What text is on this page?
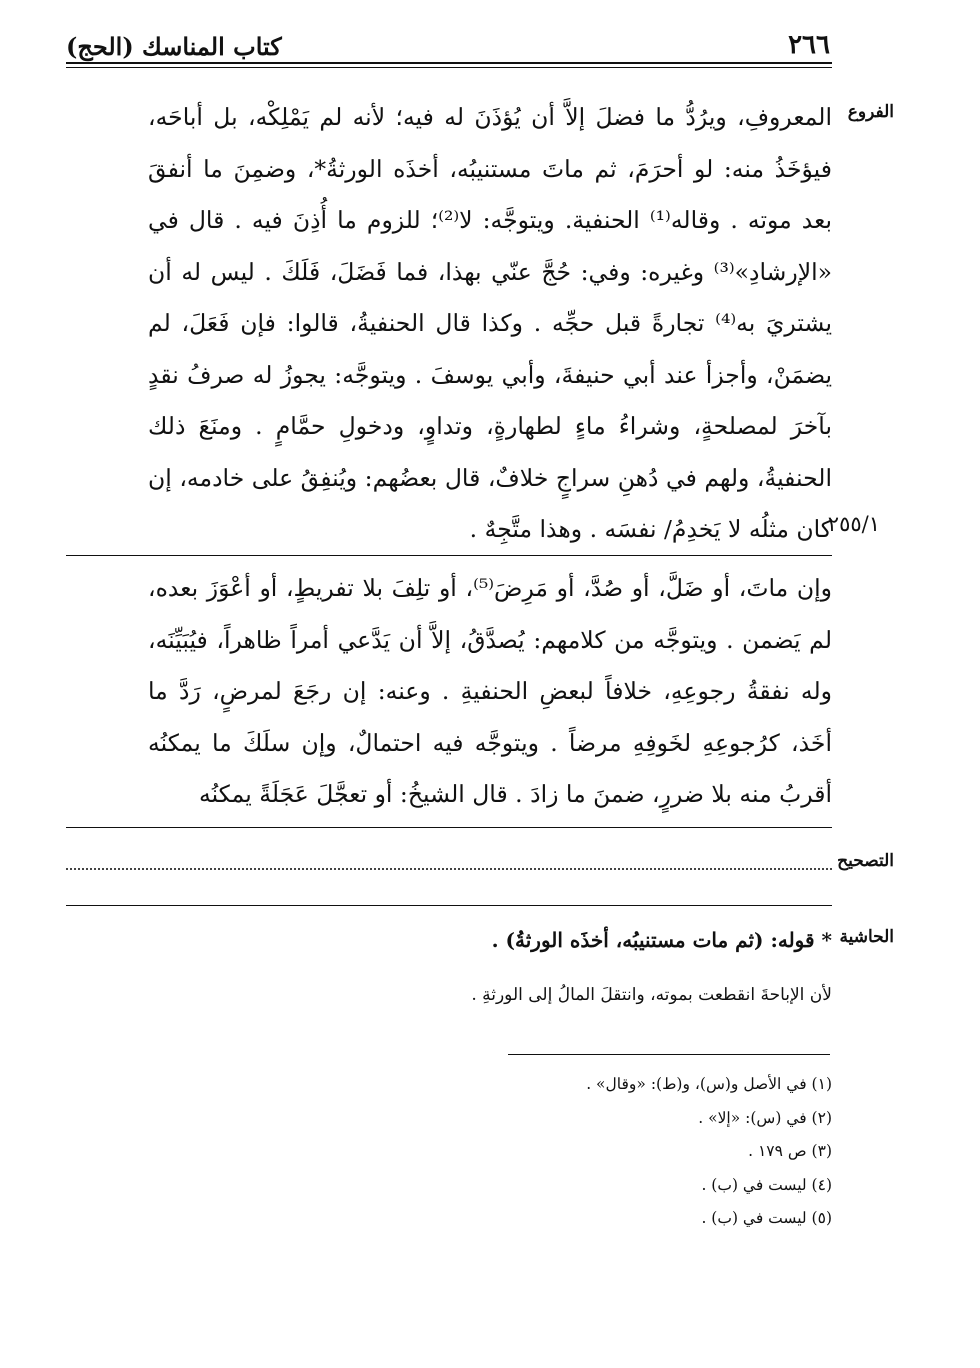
٢٦٦
كتاب المناسك (الحج)
الفروع
٢٥٥/١
المعروفِ، ويرُدُّ ما فضلَ إلاَّ أن يُؤذَنَ له فيه؛ لأنه لم يَمْلِكْه، بل أباحَه، فيؤخَذُ منه: لو أحرَمَ، ثم ماتَ مستنيبُه، أخذَه الورثةُ*، وضمِنَ ما أنفقَ بعد موته . وقاله⁽¹⁾ الحنفية. ويتوجَّه: لا⁽²⁾؛ للزوم ما أُذِنَ فيه . قال في «الإرشادِ»⁽³⁾ وغيره: وفي: حُجَّ عنّي بهذا، فما فَضَلَ، فَلَكَ . ليس له أن يشتريَ به⁽⁴⁾ تجارةً قبل حجِّه . وكذا قال الحنفيةُ، قالوا: فإن فَعَلَ، لم يضمَنْ، وأجزأ عند أبي حنيفةَ، وأبي يوسفَ . ويتوجَّه: يجوزُ له صرفُ نقدٍ بآخرَ لمصلحةٍ، وشراءُ ماءٍ لطهارةٍ، وتداوٍ، ودخولِ حمَّامٍ . ومنَعَ ذلك الحنفيةُ، ولهم في دُهنِ سراجٍ خلافٌ، قال بعضُهم: ويُنفِقُ على خادمه، إن كان مثلُه لا يَخدِمُ/ نفسَه . وهذا متَّجِهٌ .
وإن ماتَ، أو ضَلَّ، أو صُدَّ، أو مَرِضَ⁽⁵⁾، أو تلِفَ بلا تفريطٍ، أو أعْوَزَ بعده، لم يَضمن . ويتوجَّه من كلامهم: يُصدَّقُ، إلاَّ أن يَدَّعي أمراً ظاهراً، فيُبَيِّنَه، وله نفقةُ رجوعِهِ، خلافاً لبعضِ الحنفيةِ . وعنه: إن رجَعَ لمرضٍ، رَدَّ ما أخَذ، كرُجوعِهِ لخَوفِهِ مرضاً . ويتوجَّه فيه احتمالٌ، وإن سلَكَ ما يمكنُه أقربُ منه بلا ضررٍ، ضمنَ ما زادَ . قال الشيخُ: أو تعجَّلَ عَجَلَةً يمكنُه
التصحيح
الحاشية
* قوله: (ثم مات مستنيبُه، أخذَه الورثةُ) .
لأن الإباحةَ انقطعت بموته، وانتقلَ المالُ إلى الورثةِ .
(١) في الأصل و(س)، و(ط): «وقال» .
(٢) في (س): «إلا» .
(٣) ص ١٧٩ .
(٤) ليست في (ب) .
(٥) ليست في (ب) .
